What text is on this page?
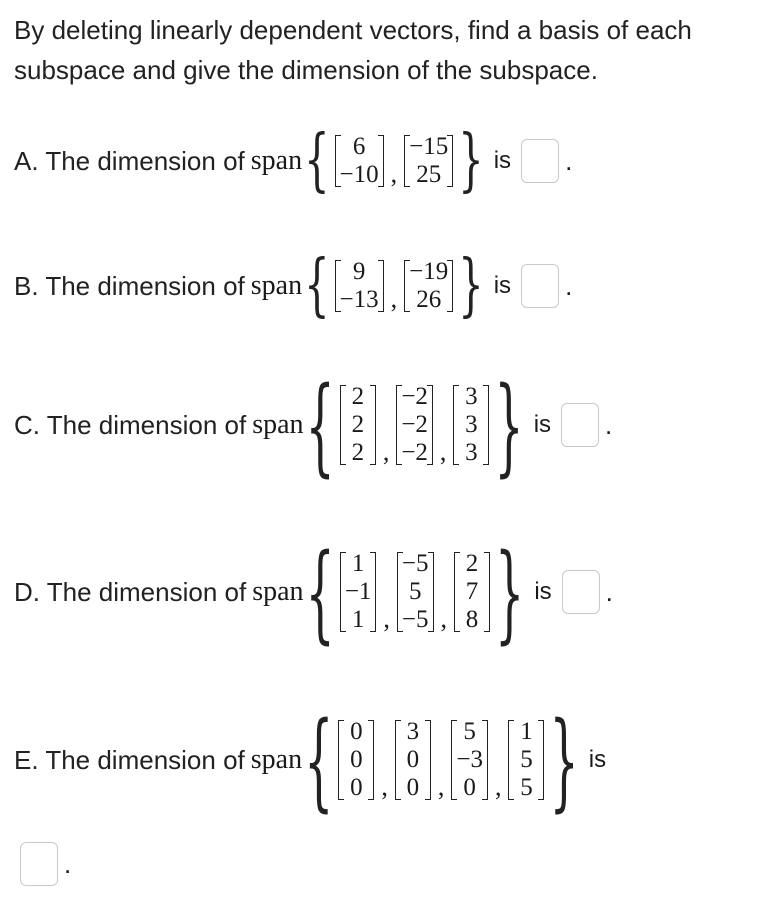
By deleting linearly dependent vectors, find a basis of each subspace and give the dimension of the subspace.
A. The dimension of span { 6
−10 ,
−15
25 } is .
B. The dimension of span { 9
−13 ,
−19
26 } is .
C. The dimension of span { 2
2
2 ,
−2
−2
−2 ,
3
3
3 } is .
D. The dimension of span { 1
−1
1 ,
−5
5
−5 ,
2
7
8 } is .
E. The dimension of span { 0
0
0 ,
3
0
0 ,
5
−3
0 ,
1
5
5 } is
.
